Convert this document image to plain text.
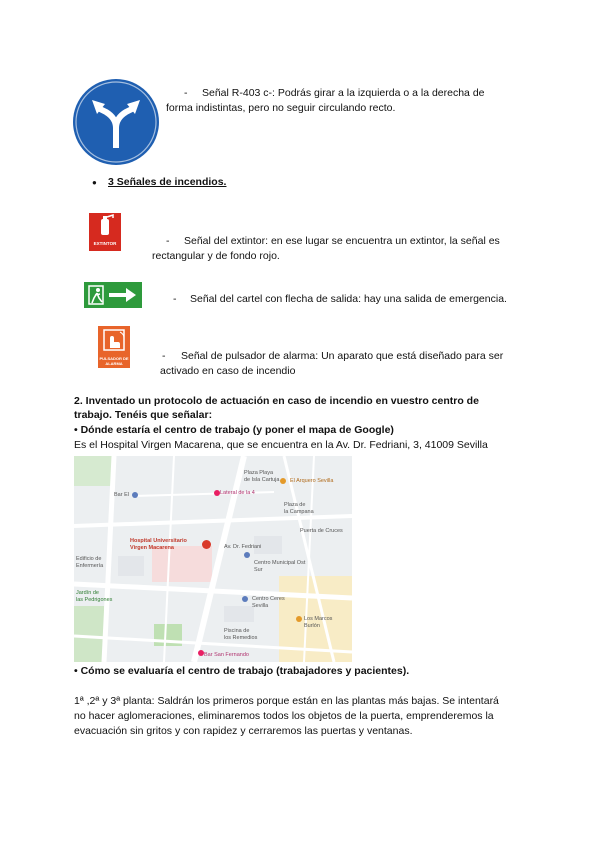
- Señal R-403 c-: Podrás girar a la izquierda o a la derecha de
forma indistintas, pero no seguir circulando recto.
● 3 Señales de incendios.
EXTINTOR	- Señal del extintor: en ese lugar se encuentra un extintor, la señal es
rectangular y de fondo rojo.
- Señal del cartel con flecha de salida: hay una salida de emergencia.
PULSADOR DE ALARMA
- Señal de pulsador de alarma: Un aparato que está diseñado para ser
activado en caso de incendio
2. Inventado un protocolo de actuación en caso de incendio en vuestro centro de
trabajo. Tenéis que señalar:
• Dónde estaría el centro de trabajo (y poner el mapa de Google)
Es el Hospital Virgen Macarena, que se encuentra en la Av. Dr. Fedriani, 3, 41009 Sevilla
Plaza Playa
de Isla Cartuja El Arquero Sevilla
Bar El	Lateral de la 4
Hospital Universitario
Virgen Macarena	Av. Dr. Fedriani
Plaza de
la Campana
Puerta de Cruces
Centro Municipal Ost
Sur
Jardín de
las Pedrigones
Edificio de
Enfermería
Centro Ceres
Sevilla
Piscina de
los Remedios
Bar San Fernando
Los Marcos
Burlón
• Cómo se evaluaría el centro de trabajo (trabajadores y pacientes).
1ª ,2ª y 3ª planta: Saldrán los primeros porque están en las plantas más bajas. Se intentará
no hacer aglomeraciones, eliminaremos todos los objetos de la puerta, emprenderemos la
evacuación sin gritos y con rapidez y cerraremos las puertas y ventanas.
